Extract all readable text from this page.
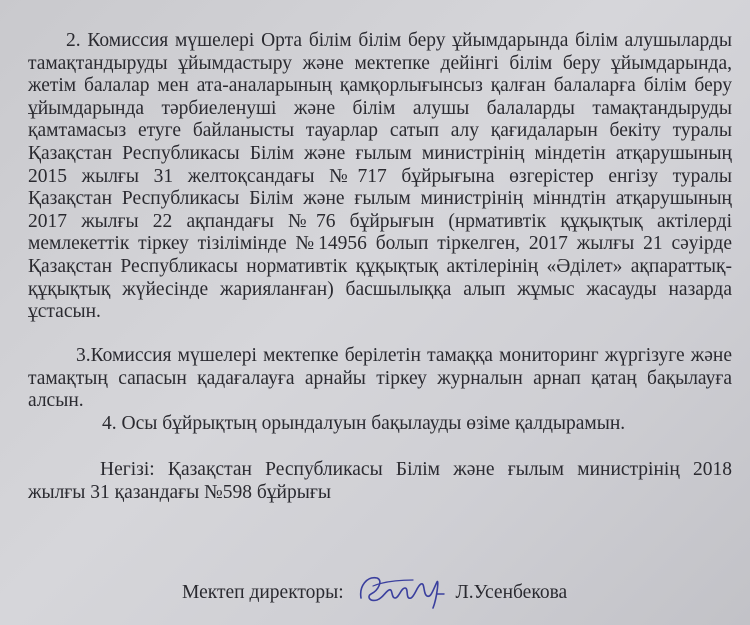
2. Комиссия мүшелері Орта білім білім беру ұйымдарында білім алушыларды тамақтандыруды ұйымдастыру және мектепке дейінгі білім беру ұйымдарында, жетім балалар мен ата-аналарының қамқорлығынсыз қалған балаларға білім беру ұйымдарында тәрбиеленуші және білім алушы балаларды тамақтандыруды қамтамасыз етуге байланысты тауарлар сатып алу қағидаларын бекіту туралы Қазақстан Республикасы Білім және ғылым министрінің міндетін атқарушының 2015 жылғы 31 желтоқсандағы №717 бұйрығына өзгерістер енгізу туралы Қазақстан Республикасы Білім және ғылым министрінің мінндтін атқарушының 2017 жылғы 22 ақпандағы №76 бұйрығын (нрмативтік құқықтық актілерді мемлекеттік тіркеу тізілімінде №14956 болып тіркелген, 2017 жылғы 21 сәуірде Қазақстан Республикасы нормативтік құқықтық актілерінің «Әділет» ақпараттық-құқықтық жүйесінде жарияланған) басшылыққа алып жұмыс жасауды назарда ұстасын.

3.Комиссия мүшелері мектепке берілетін тамаққа мониторинг жүргізуге және тамақтың сапасын қадағалауға арнайы тіркеу журналын арнап қатаң бақылауға алсын.

4. Осы бұйрықтың орындалуын бақылауды өзіме қалдырамын.

Негізі: Қазақстан Республикасы Білім және ғылым министрінің 2018 жылғы 31 қазандағы №598 бұйрығы

Мектеп директоры:	Л.Усенбекова
